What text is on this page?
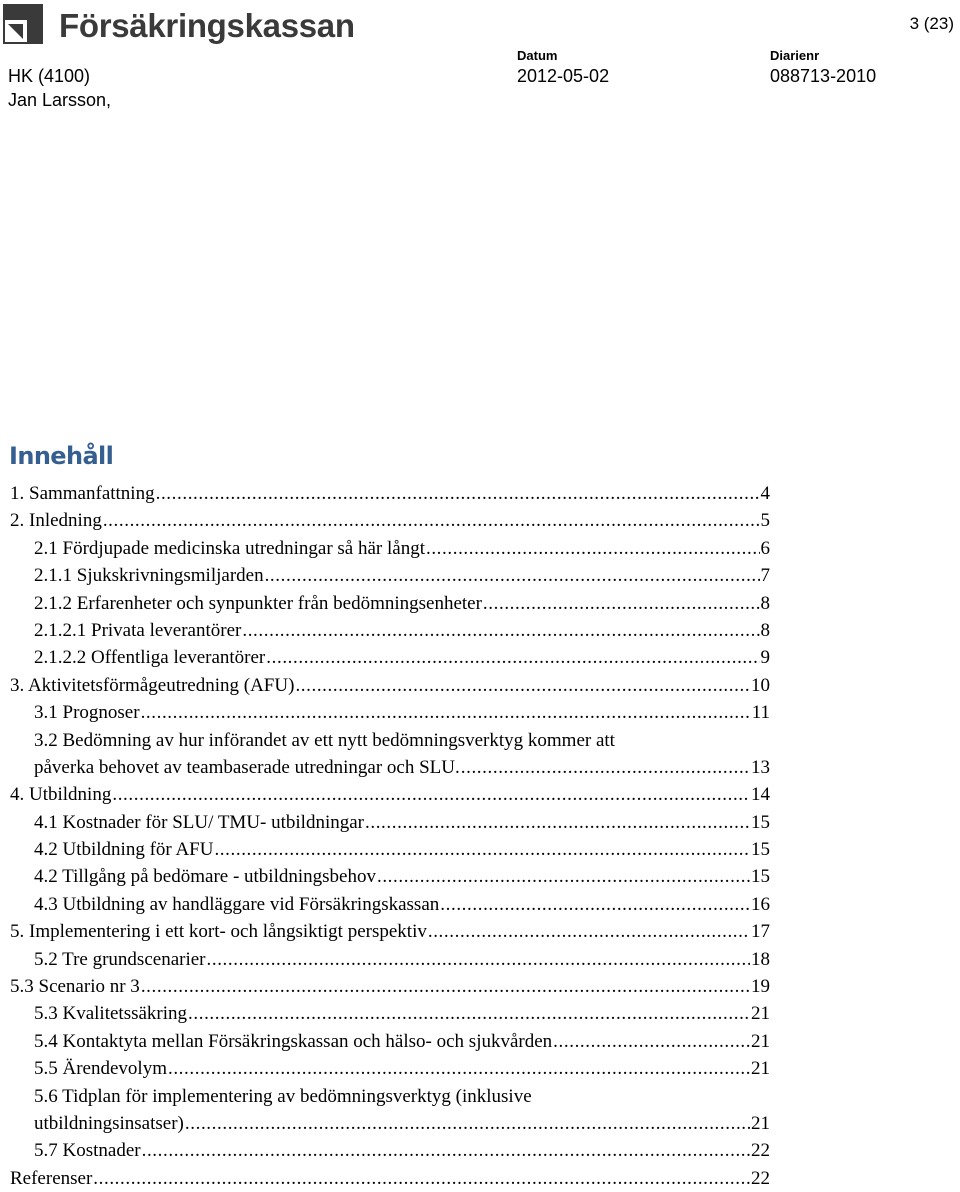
Försäkringskassan	3 (23)
HK (4100)
Jan Larsson,
Datum
2012-05-02
Diarienr
088713-2010
Innehåll
1. Sammanfattning .....	4
2. Inledning .....	5
2.1 Fördjupade medicinska utredningar så här långt .....	6
2.1.1 Sjukskrivningsmiljarden .....	7
2.1.2 Erfarenheter och synpunkter från bedömningsenheter .....	8
2.1.2.1 Privata leverantörer .....	8
2.1.2.2 Offentliga leverantörer .....	9
3. Aktivitetsförmågeutredning (AFU) .....	10
3.1 Prognoser .....	11
3.2 Bedömning av hur införandet av ett nytt bedömningsverktyg kommer att
påverka behovet av teambaserade utredningar och SLU. .....	13
4. Utbildning .....	14
4.1 Kostnader för SLU/ TMU- utbildningar .....	15
4.2 Utbildning för AFU .....	15
4.2 Tillgång på bedömare - utbildningsbehov .....	15
4.3 Utbildning av handläggare vid Försäkringskassan .....	16
5. Implementering i ett kort- och långsiktigt perspektiv .....	17
5.2 Tre grundscenarier .....	18
5.3 Scenario nr 3 .....	19
5.3 Kvalitetssäkring .....	21
5.4 Kontaktyta mellan Försäkringskassan och hälso- och sjukvården .....	21
5.5 Ärendevolym .....	21
5.6 Tidplan för implementering av bedömningsverktyg (inklusive
utbildningsinsatser) .....	21
5.7 Kostnader .....	22
Referenser .....	22
